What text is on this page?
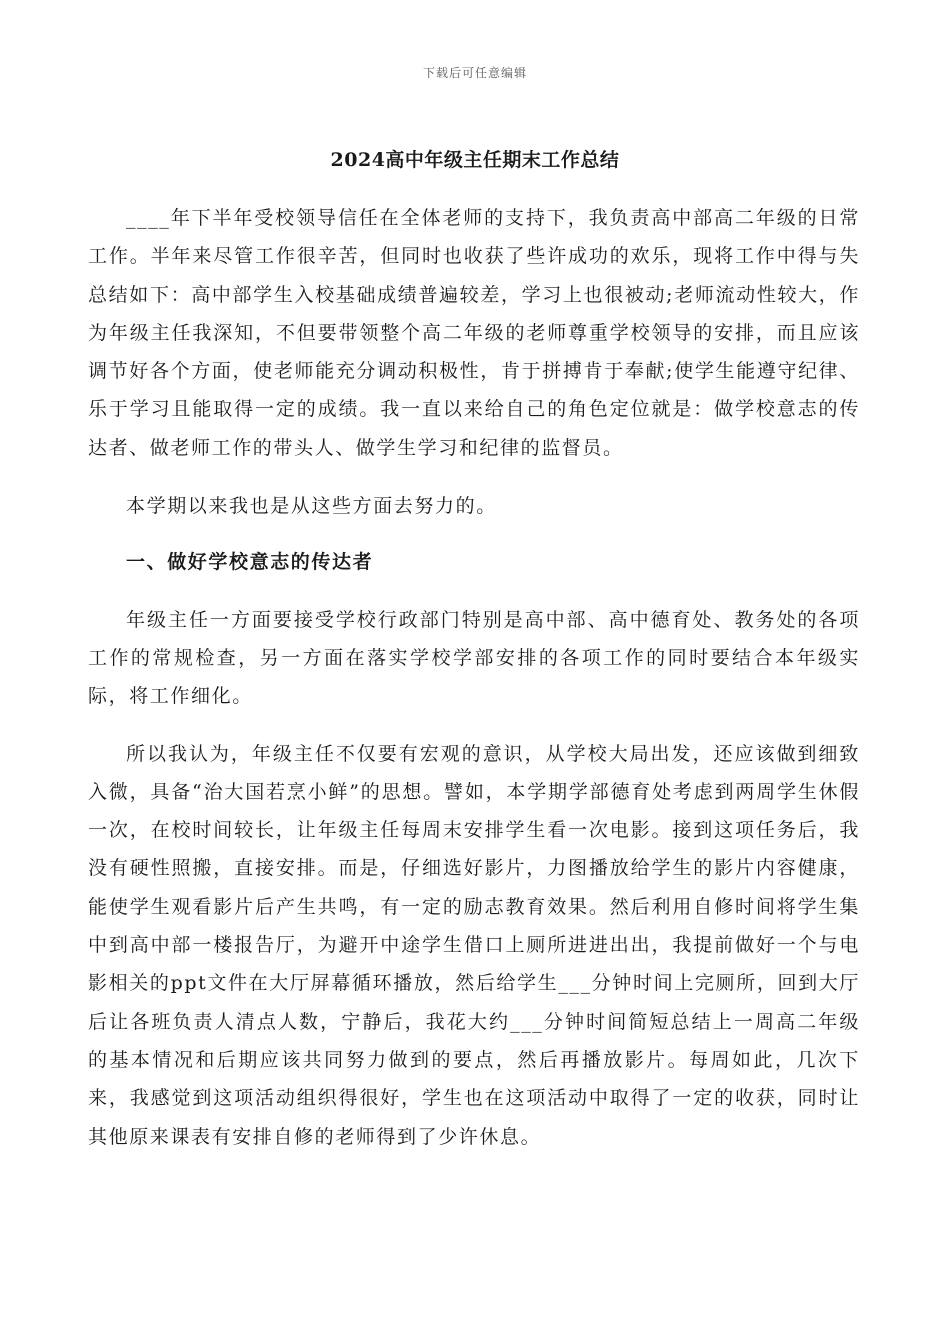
下载后可任意编辑
2024高中年级主任期末工作总结

____年下半年受校领导信任在全体老师的支持下，我负责高中部高二年级的日常工作。半年来尽管工作很辛苦，但同时也收获了些许成功的欢乐，现将工作中得与失总结如下：高中部学生入校基础成绩普遍较差，学习上也很被动;老师流动性较大，作为年级主任我深知，不但要带领整个高二年级的老师尊重学校领导的安排，而且应该调节好各个方面，使老师能充分调动积极性，肯于拼搏肯于奉献;使学生能遵守纪律、乐于学习且能取得一定的成绩。我一直以来给自己的角色定位就是：做学校意志的传达者、做老师工作的带头人、做学生学习和纪律的监督员。

本学期以来我也是从这些方面去努力的。

一、做好学校意志的传达者

年级主任一方面要接受学校行政部门特别是高中部、高中德育处、教务处的各项工作的常规检查，另一方面在落实学校学部安排的各项工作的同时要结合本年级实际，将工作细化。

所以我认为，年级主任不仅要有宏观的意识，从学校大局出发，还应该做到细致入微，具备“治大国若烹小鲜”的思想。譬如，本学期学部德育处考虑到两周学生休假一次，在校时间较长，让年级主任每周末安排学生看一次电影。接到这项任务后，我没有硬性照搬，直接安排。而是，仔细选好影片，力图播放给学生的影片内容健康，能使学生观看影片后产生共鸣，有一定的励志教育效果。然后利用自修时间将学生集中到高中部一楼报告厅，为避开中途学生借口上厕所进进出出，我提前做好一个与电影相关的ppt文件在大厅屏幕循环播放，然后给学生___分钟时间上完厕所，回到大厅后让各班负责人清点人数，宁静后，我花大约___分钟时间简短总结上一周高二年级的基本情况和后期应该共同努力做到的要点，然后再播放影片。每周如此，几次下来，我感觉到这项活动组织得很好，学生也在这项活动中取得了一定的收获，同时让其他原来课表有安排自修的老师得到了少许休息。
